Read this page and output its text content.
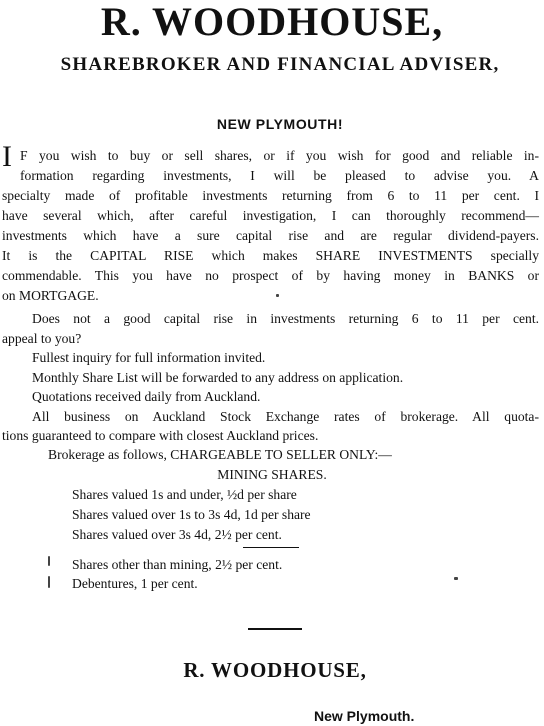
R. WOODHOUSE,
SHAREBROKER AND FINANCIAL ADVISER,
NEW PLYMOUTH!
I F you wish to buy or sell shares, or if you wish for good and reliable in-
formation regarding investments, I will be pleased to advise you. A
specialty made of profitable investments returning from 6 to 11 per cent. I
have several which, after careful investigation, I can thoroughly recommend—
investments which have a sure capital rise and are regular dividend-payers.
It is the CAPITAL RISE which makes SHARE INVESTMENTS specially
commendable. This you have no prospect of by having money in BANKS or
on MORTGAGE.
Does not a good capital rise in investments returning 6 to 11 per cent.
appeal to you?
Fullest inquiry for full information invited.
Monthly Share List will be forwarded to any address on application.
Quotations received daily from Auckland.
All business on Auckland Stock Exchange rates of brokerage. All quota-
tions guaranteed to compare with closest Auckland prices.
Brokerage as follows, CHARGEABLE TO SELLER ONLY:—
MINING SHARES.
Shares valued 1s and under, ½d per share
Shares valued over 1s to 3s 4d, 1d per share
Shares valued over 3s 4d, 2½ per cent.
Shares other than mining, 2½ per cent.
Debentures, 1 per cent.
R. WOODHOUSE,
New Plymouth.
